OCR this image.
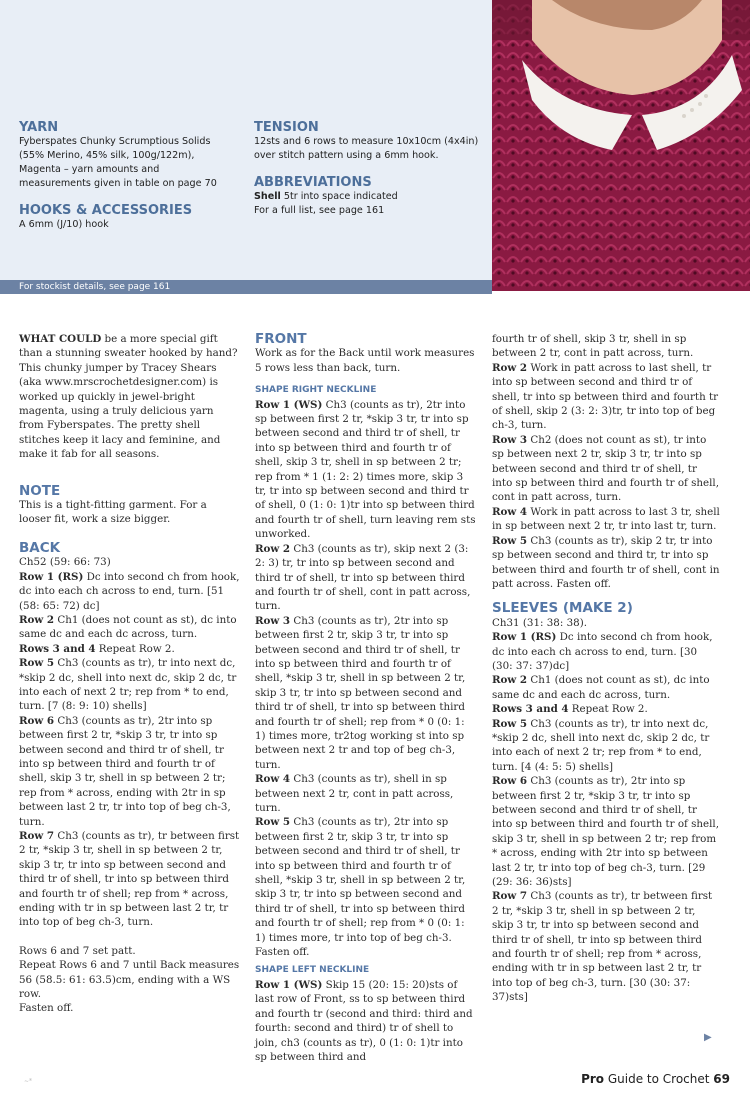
YARN

Fyberspates Chunky Scrumptious Solids (55% Merino, 45% silk, 100g/122m), Magenta – yarn amounts and measurements given in table on page 70

HOOKS & ACCESSORIES

A 6mm (J/10) hook

TENSION

12sts and 6 rows to measure 10x10cm (4x4in) over stitch pattern using a 6mm hook.

ABBREVIATIONS

Shell 5tr into space indicated
For a full list, see page 161
For stockist details, see page 161

WHAT COULD be a more special gift than a stunning sweater hooked by hand? This chunky jumper by Tracey Shears (aka www.mrscrochetdesigner.com) is worked up quickly in jewel-bright magenta, using a truly delicious yarn from Fyberspates. The pretty shell stitches keep it lacy and feminine, and make it fab for all seasons.

NOTE

This is a tight-fitting garment. For a looser fit, work a size bigger.

BACK

Ch52 (59: 66: 73)

Row 1 (RS) Dc into second ch from hook, dc into each ch across to end, turn. [51 (58: 65: 72) dc]

Row 2 Ch1 (does not count as st), dc into same dc and each dc across, turn.

Rows 3 and 4 Repeat Row 2.

Row 5 Ch3 (counts as tr), tr into next dc, *skip 2 dc, shell into next dc, skip 2 dc, tr into each of next 2 tr; rep from * to end, turn. [7 (8: 9: 10) shells]

Row 6 Ch3 (counts as tr), 2tr into sp between first 2 tr, *skip 3 tr, tr into sp between second and third tr of shell, tr into sp between third and fourth tr of shell, skip 3 tr, shell in sp between 2 tr; rep from * across, ending with 2tr in sp between last 2 tr, tr into top of beg ch-3, turn.

Row 7 Ch3 (counts as tr), tr between first 2 tr, *skip 3 tr, shell in sp between 2 tr, skip 3 tr, tr into sp between second and third tr of shell, tr into sp between third and fourth tr of shell; rep from * across, ending with tr in sp between last 2 tr, tr into top of beg ch-3, turn.

Rows 6 and 7 set patt.

Repeat Rows 6 and 7 until Back measures 56 (58.5: 61: 63.5)cm, ending with a WS row.

Fasten off.

FRONT

Work as for the Back until work measures 5 rows less than back, turn.

SHAPE RIGHT NECKLINE

Row 1 (WS) Ch3 (counts as tr), 2tr into sp between first 2 tr, *skip 3 tr, tr into sp between second and third tr of shell, tr into sp between third and fourth tr of shell, skip 3 tr, shell in sp between 2 tr; rep from * 1 (1: 2: 2) times more, skip 3 tr, tr into sp between second and third tr of shell, 0 (1: 0: 1)tr into sp between third and fourth tr of shell, turn leaving rem sts unworked.

Row 2 Ch3 (counts as tr), skip next 2 (3: 2: 3) tr, tr into sp between second and third tr of shell, tr into sp between third and fourth tr of shell, cont in patt across, turn.

Row 3 Ch3 (counts as tr), 2tr into sp between first 2 tr, skip 3 tr, tr into sp between second and third tr of shell, tr into sp between third and fourth tr of shell, *skip 3 tr, shell in sp between 2 tr, skip 3 tr, tr into sp between second and third tr of shell, tr into sp between third and fourth tr of shell; rep from * 0 (0: 1: 1) times more, tr2tog working st into sp between next 2 tr and top of beg ch-3, turn.

Row 4 Ch3 (counts as tr), shell in sp between next 2 tr, cont in patt across, turn.

Row 5 Ch3 (counts as tr), 2tr into sp between first 2 tr, skip 3 tr, tr into sp between second and third tr of shell, tr into sp between third and fourth tr of shell, *skip 3 tr, shell in sp between 2 tr, skip 3 tr, tr into sp between second and third tr of shell, tr into sp between third and fourth tr of shell; rep from * 0 (0: 1: 1) times more, tr into top of beg ch-3. Fasten off.

SHAPE LEFT NECKLINE

Row 1 (WS) Skip 15 (20: 15: 20)sts of last row of Front, ss to sp between third and fourth tr (second and third: third and fourth: second and third) tr of shell to join, ch3 (counts as tr), 0 (1: 0: 1)tr into sp between third and

fourth tr of shell, skip 3 tr, shell in sp between 2 tr, cont in patt across, turn.

Row 2 Work in patt across to last shell, tr into sp between second and third tr of shell, tr into sp between third and fourth tr of shell, skip 2 (3: 2: 3)tr, tr into top of beg ch-3, turn.

Row 3 Ch2 (does not count as st), tr into sp between next 2 tr, skip 3 tr, tr into sp between second and third tr of shell, tr into sp between third and fourth tr of shell, cont in patt across, turn.

Row 4 Work in patt across to last 3 tr, shell in sp between next 2 tr, tr into last tr, turn.

Row 5 Ch3 (counts as tr), skip 2 tr, tr into sp between second and third tr, tr into sp between third and fourth tr of shell, cont in patt across. Fasten off.

SLEEVES (MAKE 2)

Ch31 (31: 38: 38).

Row 1 (RS) Dc into second ch from hook, dc into each ch across to end, turn. [30 (30: 37: 37)dc]

Row 2 Ch1 (does not count as st), dc into same dc and each dc across, turn.

Rows 3 and 4 Repeat Row 2.

Row 5 Ch3 (counts as tr), tr into next dc, *skip 2 dc, shell into next dc, skip 2 dc, tr into each of next 2 tr; rep from * to end, turn. [4 (4: 5: 5) shells]

Row 6 Ch3 (counts as tr), 2tr into sp between first 2 tr, *skip 3 tr, tr into sp between second and third tr of shell, tr into sp between third and fourth tr of shell, skip 3 tr, shell in sp between 2 tr; rep from * across, ending with 2tr into sp between last 2 tr, tr into top of beg ch-3, turn. [29 (29: 36: 36)sts]

Row 7 Ch3 (counts as tr), tr between first 2 tr, *skip 3 tr, shell in sp between 2 tr, skip 3 tr, tr into sp between second and third tr of shell, tr into sp between third and fourth tr of shell; rep from * across, ending with tr in sp between last 2 tr, tr into top of beg ch-3, turn. [30 (30: 37: 37)sts]

▶
~*	Pro Guide to Crochet 69
